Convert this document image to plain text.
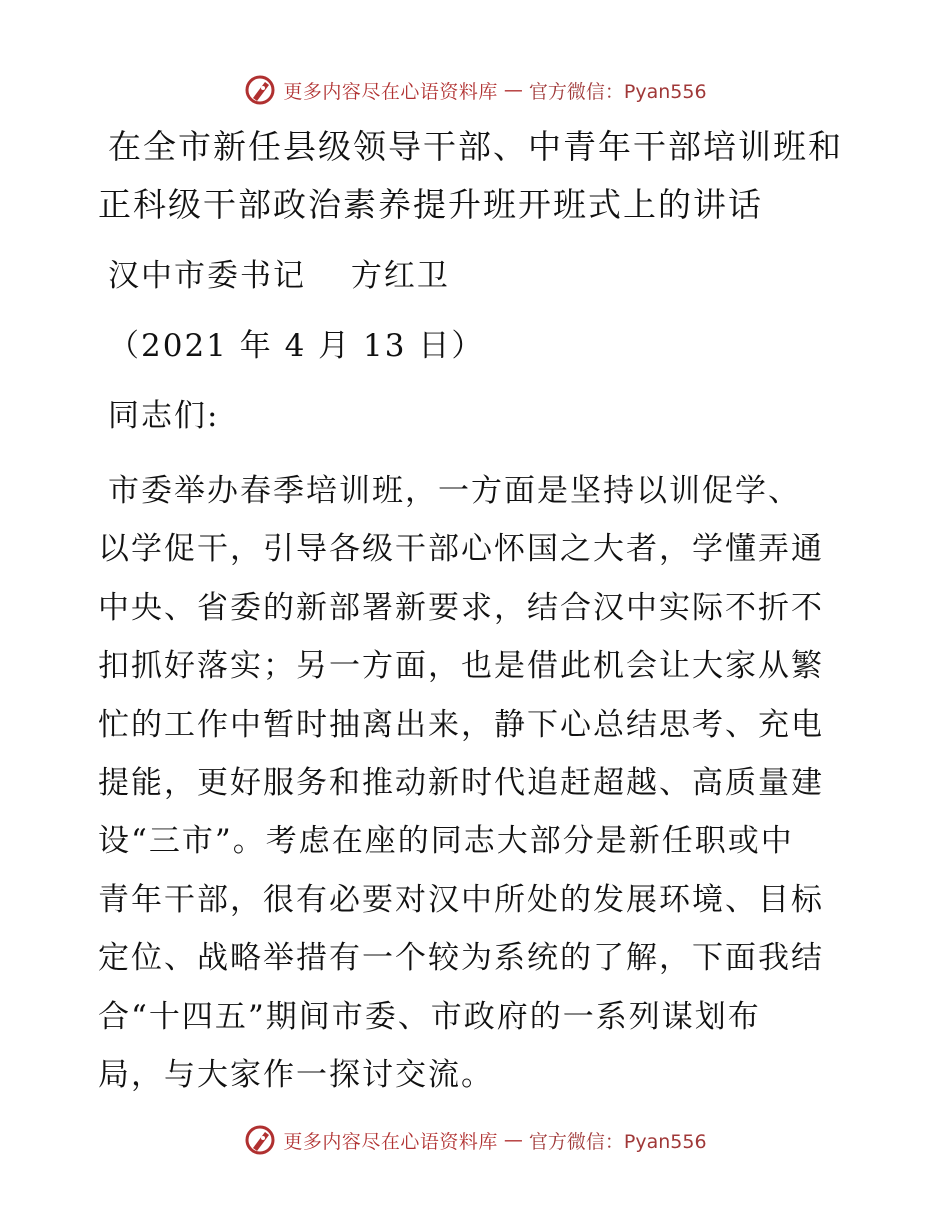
更多内容尽在心语资料库 — 官方微信：Pyan556
在全市新任县级领导干部、中青年干部培训班和
正科级干部政治素养提升班开班式上的讲话
汉中市委书记　 方红卫
（2021 年 4 月 13 日）
同志们:
市委举办春季培训班，一方面是坚持以训促学、
以学促干，引导各级干部心怀国之大者，学懂弄通
中央、省委的新部署新要求，结合汉中实际不折不
扣抓好落实；另一方面，也是借此机会让大家从繁
忙的工作中暂时抽离出来，静下心总结思考、充电
提能，更好服务和推动新时代追赶超越、高质量建
设“三市”。考虑在座的同志大部分是新任职或中
青年干部，很有必要对汉中所处的发展环境、目标
定位、战略举措有一个较为系统的了解，下面我结
合“十四五”期间市委、市政府的一系列谋划布
局，与大家作一探讨交流。
更多内容尽在心语资料库 — 官方微信：Pyan556
